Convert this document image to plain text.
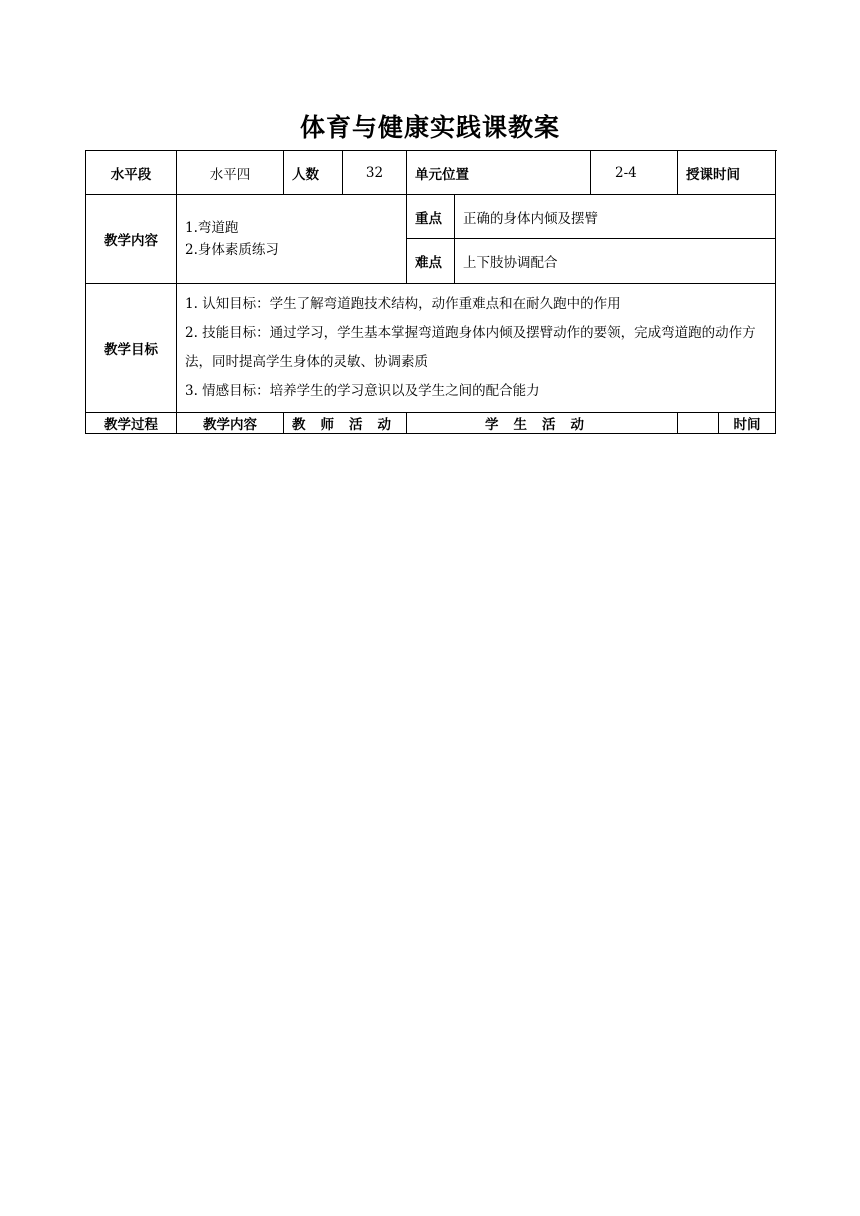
体育与健康实践课教案
水平段	水平四	人数	32	单元位置		2-4	授课时间	
教学内容	1.弯道跑
2.身体素质练习			重点	正确的身体内倾及摆臂			
				难点	上下肢协调配合			
教学目标	1. 认知目标：学生了解弯道跑技术结构，动作重难点和在耐久跑中的作用
2. 技能目标：通过学习，学生基本掌握弯道跑身体内倾及摆臂动作的要领，完成弯道跑的动作方法，同时提高学生身体的灵敏、协调素质
3. 情感目标：培养学生的学习意识以及学生之间的配合能力							

教学过程	教学内容	教师活动		学生活动			时间	
